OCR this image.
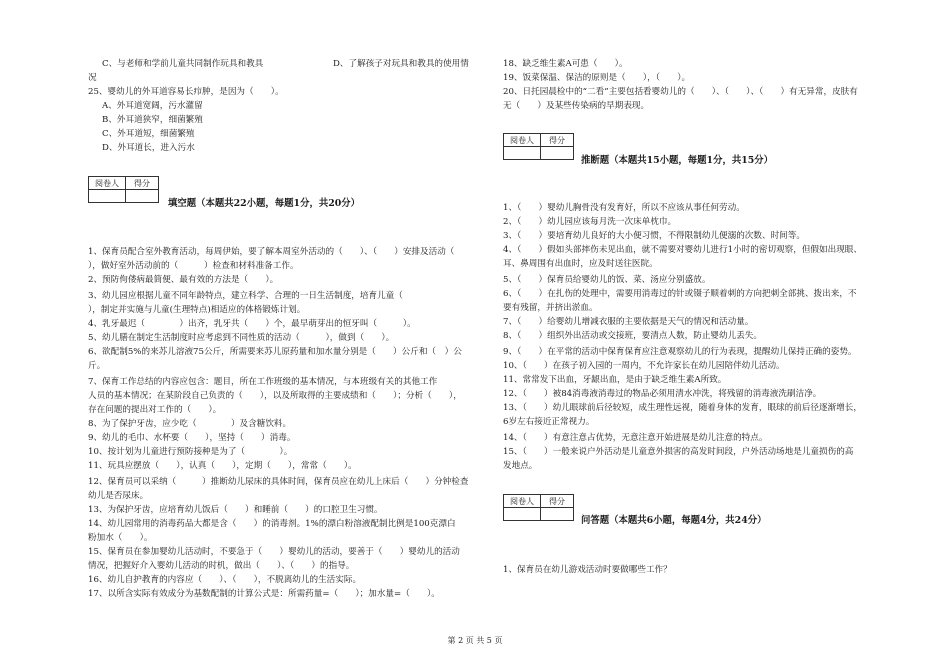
C、与老师和学前儿童共同制作玩具和教具	D、了解孩子对玩具和教具的使用情
况
25、婴幼儿的外耳道容易长疖肿，是因为（　　）。
A、外耳道宽阔，污水灌留
B、外耳道狭窄，细菌繁殖
C、外耳道短，细菌繁殖
D、外耳道长，进入污水
阅卷人	得分

填空题（本题共22小题，每题1分，共20分）
1、保育员配合室外教育活动，每周伊始，要了解本周室外活动的（　　）、（　　）安排及活动（
），做好室外活动前的（　　　）检查和材料准备工作。
2、预防佝偻病最简便、最有效的方法是（　　）。
3、幼儿园应根据儿童不同年龄特点，建立科学、合理的一日生活制度，培育儿童（　　
），制定并实施与儿童(生理特点)相适应的体格锻炼计划。
4、乳牙最迟（　　　　）出齐，乳牙共（　　）个，最早萌芽出的恒牙叫（　　　）。
5、幼儿膳在制定生活制度时应考虑到不同性质的活动（　　　），做到（　　）。
6、欲配制5%的来苏儿溶液75公斤，所需要来苏儿原药量和加水量分别是（　　）公斤和（　）公
斤。
7、保育工作总结的内容应包含：题目，所在工作班级的基本情况，与本班级有关的其他工作
人员的基本情况；在某阶段自己负责的（　　），以及所取得的主要成绩和（　　）；分析（　　），
存在问题的提出对工作的（　　）。
8、为了保护牙齿，应少吃（　　　　）及含糖饮料。
9、幼儿的毛巾、水杯要（　　），坚持（　　）消毒。
10、按计划为儿童进行预防接种是为了（　　　　）。
11、玩具应摆放（　　），认真（　　），定期（　　），常常（　　）。
12、保育员可以采纳（　　　）推断幼儿尿床的具体时间，保育员应在幼儿上床后（　　）分钟检查
幼儿是否尿床。
13、为保护牙齿，应培育幼儿饭后（　　）和睡前（　　）的口腔卫生习惯。
14、幼儿园常用的消毒药品大都是含（　　）的消毒剂。1%的漂白粉溶液配制比例是100克漂白
粉加水（　　）。
15、保育员在参加婴幼儿活动时，不要急于（　　）婴幼儿的活动，要善于（　　）婴幼儿的活动
情况，把握好介入婴幼儿活动的时机，做出（　　）、（　　）的指导。
16、幼儿自护教育的内容应（　　）、（　　），不脱离幼儿的生活实际。
17、以所含实际有效成分为基数配制的计算公式是：所需药量=（　　）；加水量=（　　）。
18、缺乏维生素A可患（　　）。
19、饭菜保温、保洁的原则是（　　），（　　）。
20、日托园晨检中的“二看”主要包括看婴幼儿的（　　）、（　　）、（　　）有无异常，皮肤有
无（　　）及某些传染病的早期表现。
阅卷人	得分

推断题（本题共15小题，每题1分，共15分）
1、（　　）婴幼儿胸骨没有发育好，所以不应该从事任何劳动。
2、（　　）幼儿园应该每月洗一次床单枕巾。
3、（　　）要培育幼儿良好的大小便习惯，不得限制幼儿便溺的次数、时间等。
4、（　　）假如头部摔伤未见出血，就不需要对婴幼儿进行1小时的密切观察，但假如出现眼、
耳、鼻周围有出血时，应及时送往医院。
5、（　　）保育员给婴幼儿的饭、菜、汤应分别盛放。
6、（　　）在扎伤的处理中，需要用消毒过的针或镊子顺着刺的方向把刺全部挑、拨出来，不
要有残留，并挤出淤血。
7、（　　）给婴幼儿增减衣服的主要依据是天气的情况和活动量。
8、（　　）组织外出活动或交接班，要清点人数，防止婴幼儿丢失。
9、（　　）在平常的活动中保育保育应注意观察幼儿的行为表现，提醒幼儿保持正确的姿势。
10、（　　）在孩子初入园的一周内，不允许家长在幼儿园陪伴幼儿活动。
11、常常发下出血，牙龈出血，是由于缺乏维生素A所致。
12、（　　）被84消毒液消毒过的物品必须用清水冲洗，将残留的消毒液洗刷洁净。
13、（　　）幼儿眼球前后径较短，成生理性远视，随着身体的发育，眼球的前后径逐渐增长，
6岁左右接近正常视力。
14、（　　）有意注意占优势，无意注意开始进展是幼儿注意的特点。
15、（　　）一般来说户外活动是儿童意外损害的高发时间段，户外活动场地是儿童损伤的高
发地点。
阅卷人	得分

问答题（本题共6小题，每题4分，共24分）
1、保育员在幼儿游戏活动时要做哪些工作？
第 2 页 共 5 页
